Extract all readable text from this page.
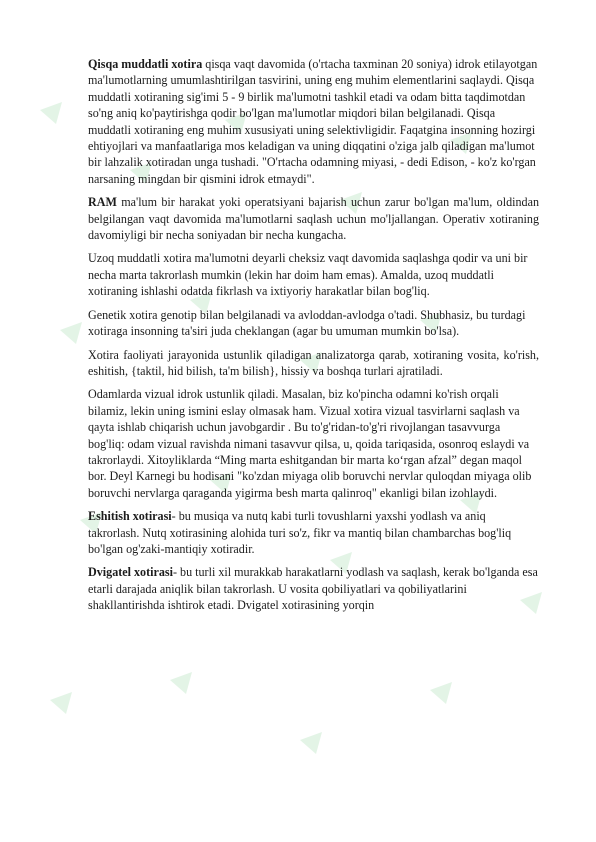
Qisqa muddatli xotira qisqa vaqt davomida (o'rtacha taxminan 20 soniya) idrok etilayotgan ma'lumotlarning umumlashtirilgan tasvirini, uning eng muhim elementlarini saqlaydi. Qisqa muddatli xotiraning sig'imi 5 - 9 birlik ma'lumotni tashkil etadi va odam bitta taqdimotdan so'ng aniq ko'paytirishga qodir bo'lgan ma'lumotlar miqdori bilan belgilanadi. Qisqa muddatli xotiraning eng muhim xususiyati uning selektivligidir. Faqatgina insonning hozirgi ehtiyojlari va manfaatlariga mos keladigan va uning diqqatini o'ziga jalb qiladigan ma'lumot bir lahzalik xotiradan unga tushadi. "O'rtacha odamning miyasi, - dedi Edison, - ko'z ko'rgan narsaning mingdan bir qismini idrok etmaydi".

RAM ma'lum bir harakat yoki operatsiyani bajarish uchun zarur bo'lgan ma'lum, oldindan belgilangan vaqt davomida ma'lumotlarni saqlash uchun mo'ljallangan. Operativ xotiraning davomiyligi bir necha soniyadan bir necha kungacha.

Uzoq muddatli xotira ma'lumotni deyarli cheksiz vaqt davomida saqlashga qodir va uni bir necha marta takrorlash mumkin (lekin har doim ham emas). Amalda, uzoq muddatli xotiraning ishlashi odatda fikrlash va ixtiyoriy harakatlar bilan bog'liq.

Genetik xotira genotip bilan belgilanadi va avloddan-avlodga o'tadi. Shubhasiz, bu turdagi xotiraga insonning ta'siri juda cheklangan (agar bu umuman mumkin bo'lsa).

Xotira faoliyati jarayonida ustunlik qiladigan analizatorga qarab, xotiraning vosita, ko'rish, eshitish, {taktil, hid bilish, ta'm bilish}, hissiy va boshqa turlari ajratiladi.

Odamlarda vizual idrok ustunlik qiladi. Masalan, biz ko'pincha odamni ko'rish orqali bilamiz, lekin uning ismini eslay olmasak ham. Vizual xotira vizual tasvirlarni saqlash va qayta ishlab chiqarish uchun javobgardir . Bu to'g'ridan-to'g'ri rivojlangan tasavvurga bog'liq: odam vizual ravishda nimani tasavvur qilsa, u, qoida tariqasida, osonroq eslaydi va takrorlaydi. Xitoyliklarda “Ming marta eshitgandan bir marta ko‘rgan afzal” degan maqol bor. Deyl Karnegi bu hodisani "ko'zdan miyaga olib boruvchi nervlar quloqdan miyaga olib boruvchi nervlarga qaraganda yigirma besh marta qalinroq" ekanligi bilan izohlaydi.

Eshitish xotirasi- bu musiqa va nutq kabi turli tovushlarni yaxshi yodlash va aniq takrorlash. Nutq xotirasining alohida turi so'z, fikr va mantiq bilan chambarchas bog'liq bo'lgan og'zaki-mantiqiy xotiradir.

Dvigatel xotirasi- bu turli xil murakkab harakatlarni yodlash va saqlash, kerak bo'lganda esa etarli darajada aniqlik bilan takrorlash. U vosita qobiliyatlari va qobiliyatlarini shakllantirishda ishtirok etadi. Dvigatel xotirasining yorqin
